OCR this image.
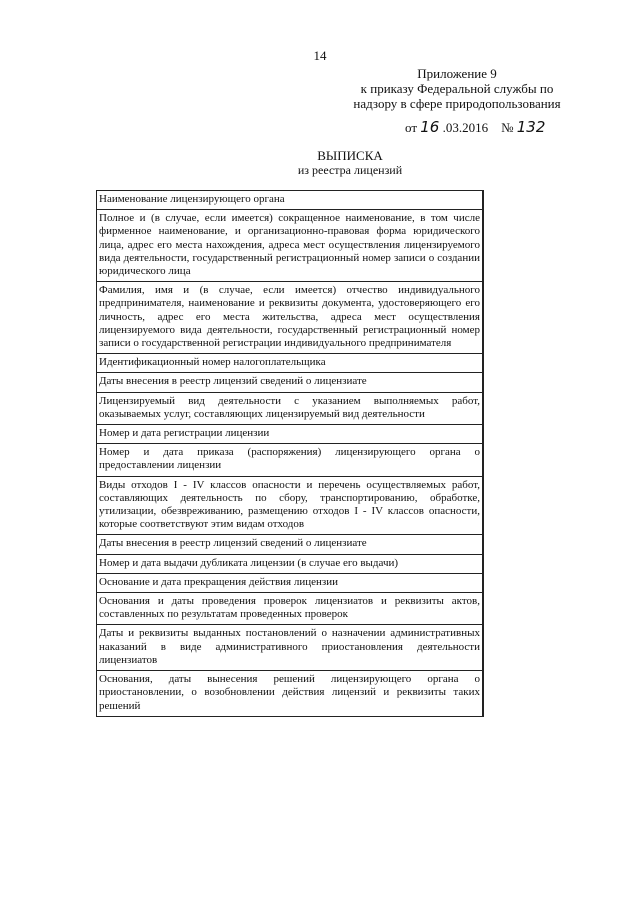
14
Приложение 9
к приказу Федеральной службы по
надзору в сфере природопользования
от 16 .03.2016 № 132
ВЫПИСКА
из реестра лицензий
Наименование лицензирующего органа	
Полное и (в случае, если имеется) сокращенное наименование, в том числе фирменное наименование, и организационно-правовая форма юридического лица, адрес его места нахождения, адреса мест осуществления лицензируемого вида деятельности, государственный регистрационный номер записи о создании юридического лица	
Фамилия, имя и (в случае, если имеется) отчество индивидуального предпринимателя, наименование и реквизиты документа, удостоверяющего его личность, адрес его места жительства, адреса мест осуществления лицензируемого вида деятельности, государственный регистрационный номер записи о государственной регистрации индивидуального предпринимателя	
Идентификационный номер налогоплательщика	
Даты внесения в реестр лицензий сведений о лицензиате	
Лицензируемый вид деятельности с указанием выполняемых работ, оказываемых услуг, составляющих лицензируемый вид деятельности	
Номер и дата регистрации лицензии	
Номер и дата приказа (распоряжения) лицензирующего органа о предоставлении лицензии	
Виды отходов I - IV классов опасности и перечень осуществляемых работ, составляющих деятельность по сбору, транспортированию, обработке, утилизации, обезвреживанию, размещению отходов I - IV классов опасности, которые соответствуют этим видам отходов	
Даты внесения в реестр лицензий сведений о лицензиате	
Номер и дата выдачи дубликата лицензии (в случае его выдачи)	
Основание и дата прекращения действия лицензии	
Основания и даты проведения проверок лицензиатов и реквизиты актов, составленных по результатам проведенных проверок	
Даты и реквизиты выданных постановлений о назначении административных наказаний в виде административного приостановления деятельности лицензиатов	
Основания, даты вынесения решений лицензирующего органа о приостановлении, о возобновлении действия лицензий и реквизиты таких решений	
